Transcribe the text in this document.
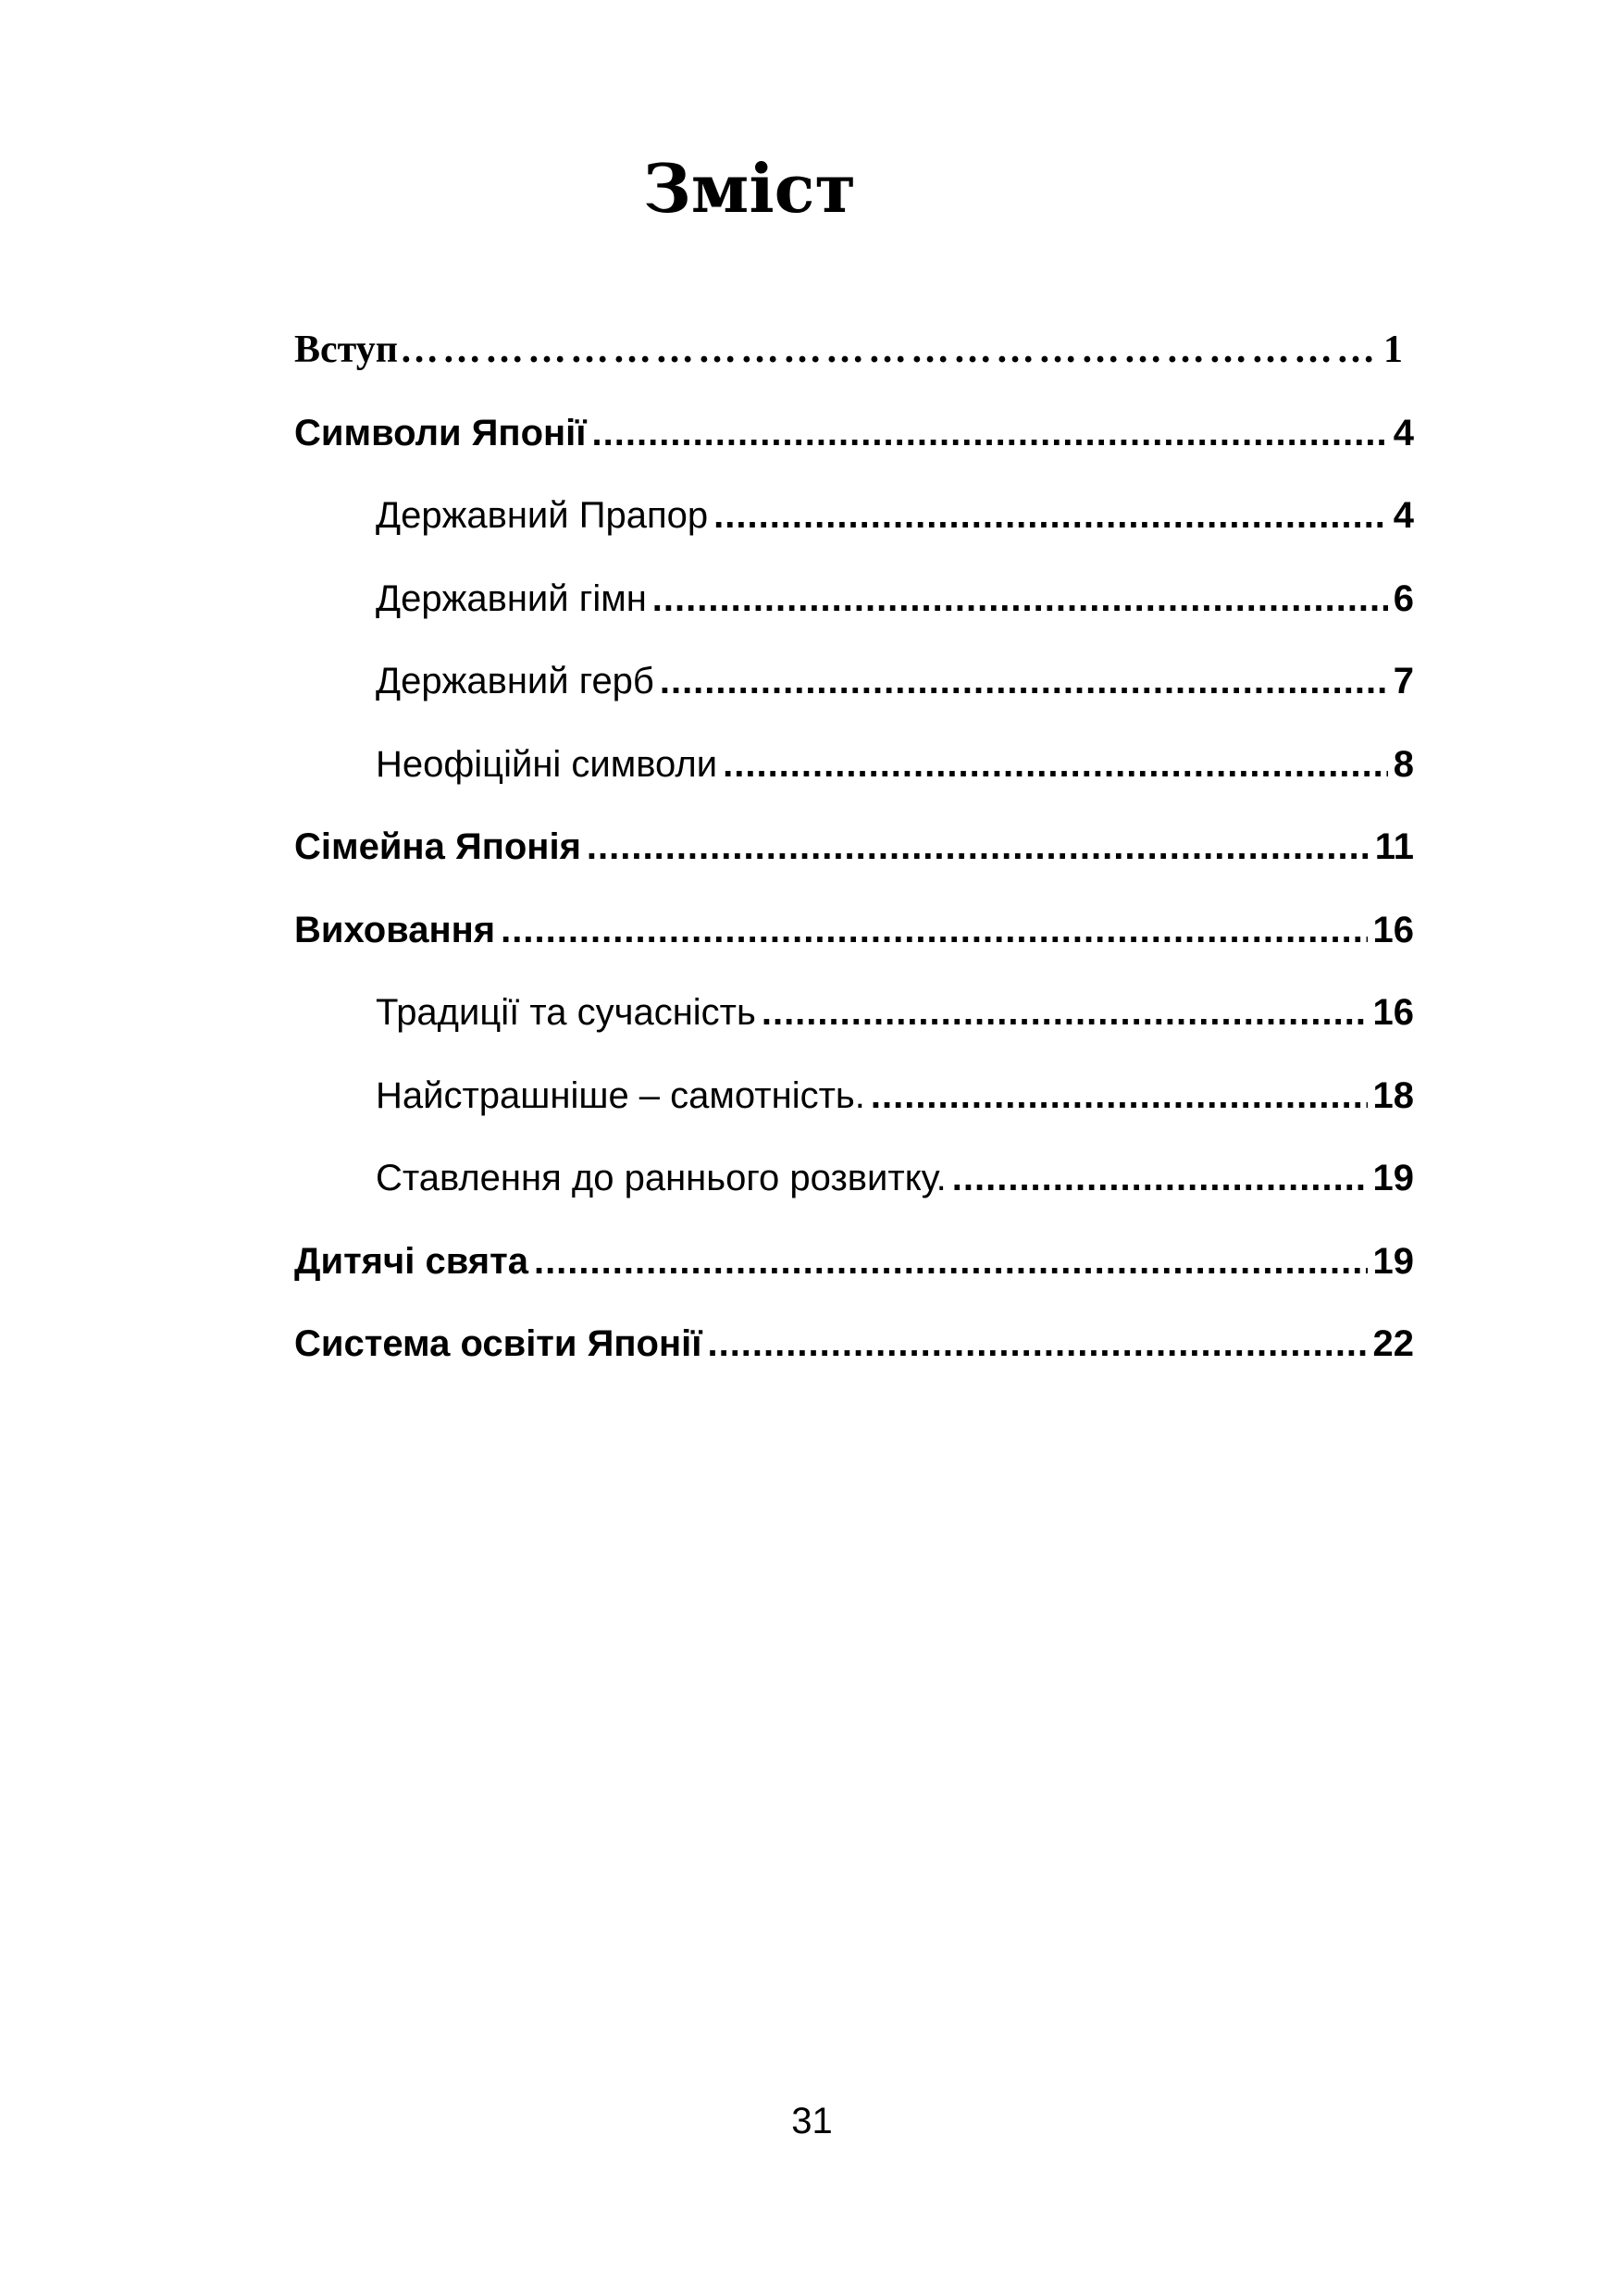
Зміст
Вступ ……………………………………………………………………………………………………………………	1
Символи Японії .....	4
Державний Прапор .....	4
Державний гімн .....	6
Державний герб .....	7
Неофіційні символи .....	8
Сімейна Японія .....	11
Виховання .....	16
Традиції та сучасність .....	16
Найстрашніше – самотність. .....	18
Ставлення до раннього розвитку. .....	19
Дитячі свята .....	19
Система освіти Японії .....	22
31
